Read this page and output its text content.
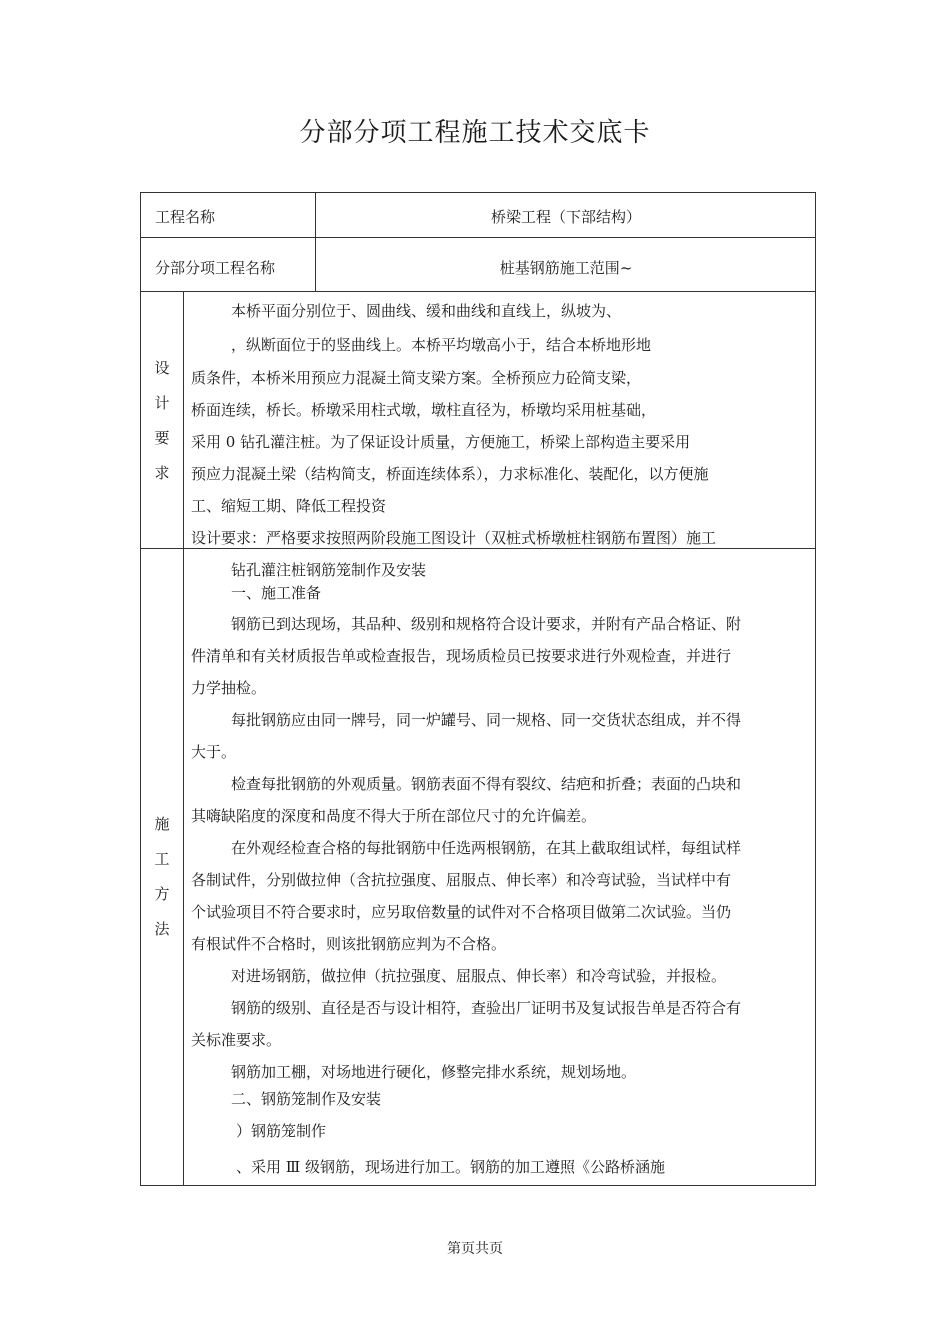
分部分项工程施工技术交底卡
工程名称	桥梁工程（下部结构）
分部分项工程名称	桩基钢筋施工范围~
设
计
要
求
本桥平面分别位于、圆曲线、缓和曲线和直线上，纵坡为、
，纵断面位于的竖曲线上。本桥平均墩高小于，结合本桥地形地
质条件，本桥米用预应力混凝土简支梁方案。全桥预应力砼简支梁，
桥面连续，桥长。桥墩采用柱式墩，墩柱直径为，桥墩均采用桩基础，
采用 0 钻孔灌注桩。为了保证设计质量，方便施工，桥梁上部构造主要采用
预应力混凝土梁（结构简支，桥面连续体系），力求标准化、装配化，以方便施
工、缩短工期、降低工程投资
设计要求：严格要求按照两阶段施工图设计（双桩式桥墩桩柱钢筋布置图）施工
施
工
方
法
钻孔灌注桩钢筋笼制作及安装
一、施工准备
钢筋已到达现场，其品种、级别和规格符合设计要求，并附有产品合格证、附
件清单和有关材质报告单或检查报告，现场质检员已按要求进行外观检查，并进行
力学抽检。
每批钢筋应由同一牌号，同一炉罐号、同一规格、同一交货状态组成，并不得
大于。
检查每批钢筋的外观质量。钢筋表面不得有裂纹、结疤和折叠；表面的凸块和
其嗨缺陷度的深度和咼度不得大于所在部位尺寸的允许偏差。
在外观经检查合格的每批钢筋中任选两根钢筋，在其上截取组试样，每组试样
各制试件，分别做拉伸（含抗拉强度、屈服点、伸长率）和冷弯试验，当试样中有
个试验项目不符合要求时，应另取倍数量的试件对不合格项目做第二次试验。当仍
有根试件不合格时，则该批钢筋应判为不合格。
对进场钢筋，做拉伸（抗拉强度、屈服点、伸长率）和冷弯试验，并报检。
钢筋的级别、直径是否与设计相符，查验出厂证明书及复试报告单是否符合有
关标准要求。
钢筋加工棚，对场地进行硬化，修整完排水系统，规划场地。
二、钢筋笼制作及安装
）钢筋笼制作
、采用 Ⅲ 级钢筋，现场进行加工。钢筋的加工遵照《公路桥涵施
第页共页
